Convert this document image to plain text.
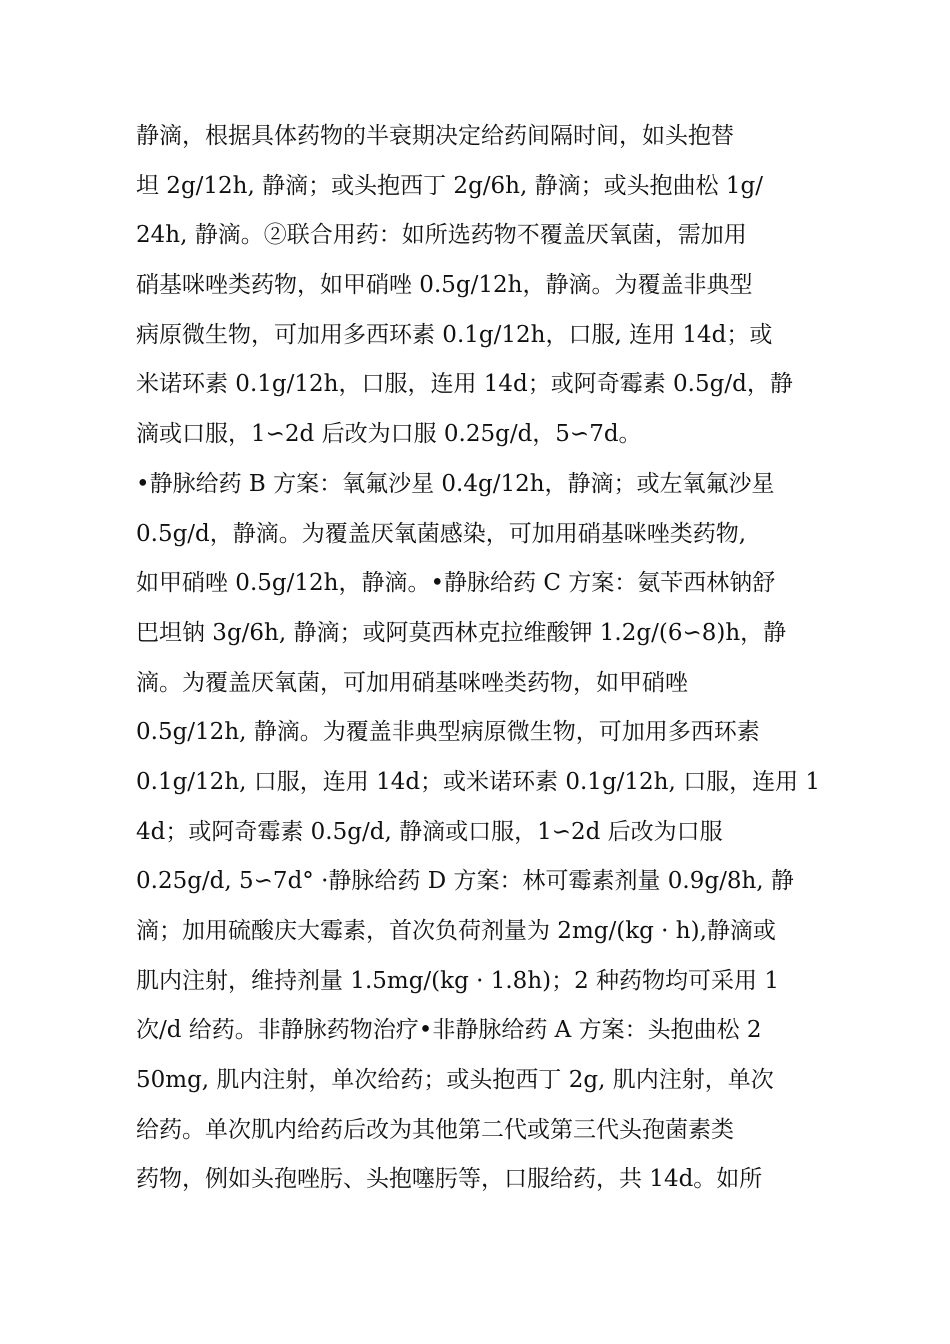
静滴，根据具体药物的半衰期决定给药间隔时间，如头抱替
坦 2g/12h, 静滴；或头抱西丁 2g/6h, 静滴；或头抱曲松 1g/
24h, 静滴。②联合用药：如所选药物不覆盖厌氧菌，需加用
硝基咪唑类药物，如甲硝唑 0.5g/12h，静滴。为覆盖非典型
病原微生物，可加用多西环素 0.1g/12h，口服, 连用 14d；或
米诺环素 0.1g/12h，口服，连用 14d；或阿奇霉素 0.5g/d，静
滴或口服，1∽2d 后改为口服 0.25g/d，5∽7d。
•静脉给药 B 方案：氧氟沙星 0.4g/12h，静滴；或左氧氟沙星
0.5g/d，静滴。为覆盖厌氧菌感染，可加用硝基咪唑类药物,
如甲硝唑 0.5g/12h，静滴。•静脉给药 C 方案：氨苄西林钠舒
巴坦钠 3g/6h, 静滴；或阿莫西林克拉维酸钾 1.2g/(6∽8)h，静
滴。为覆盖厌氧菌，可加用硝基咪唑类药物，如甲硝唑
0.5g/12h, 静滴。为覆盖非典型病原微生物，可加用多西环素
0.1g/12h, 口服，连用 14d；或米诺环素 0.1g/12h, 口服，连用 1
4d；或阿奇霉素 0.5g/d, 静滴或口服，1∽2d 后改为口服
0.25g/d, 5∽7d° ·静脉给药 D 方案：林可霉素剂量 0.9g/8h, 静
滴；加用硫酸庆大霉素，首次负荷剂量为 2mg/(kg · h),静滴或
肌内注射，维持剂量 1.5mg/(kg · 1.8h)；2 种药物均可采用 1
次/d 给药。非静脉药物治疗•非静脉给药 A 方案：头抱曲松 2
50mg, 肌内注射，单次给药；或头抱西丁 2g, 肌内注射，单次
给药。单次肌内给药后改为其他第二代或第三代头孢菌素类
药物，例如头孢唑肟、头抱噻肟等，口服给药，共 14d。如所
